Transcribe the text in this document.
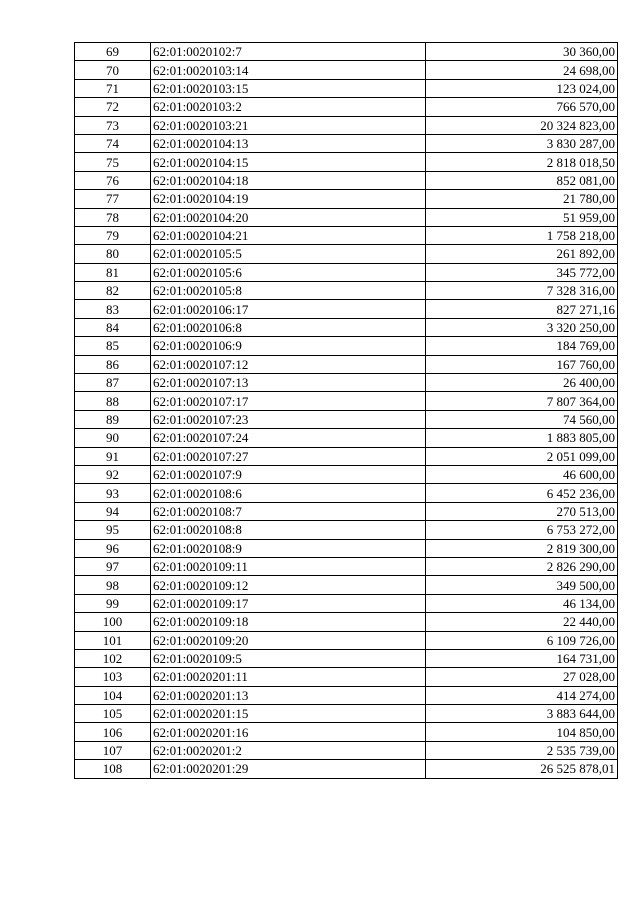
69	62:01:0020102:7	30 360,00
70	62:01:0020103:14	24 698,00
71	62:01:0020103:15	123 024,00
72	62:01:0020103:2	766 570,00
73	62:01:0020103:21	20 324 823,00
74	62:01:0020104:13	3 830 287,00
75	62:01:0020104:15	2 818 018,50
76	62:01:0020104:18	852 081,00
77	62:01:0020104:19	21 780,00
78	62:01:0020104:20	51 959,00
79	62:01:0020104:21	1 758 218,00
80	62:01:0020105:5	261 892,00
81	62:01:0020105:6	345 772,00
82	62:01:0020105:8	7 328 316,00
83	62:01:0020106:17	827 271,16
84	62:01:0020106:8	3 320 250,00
85	62:01:0020106:9	184 769,00
86	62:01:0020107:12	167 760,00
87	62:01:0020107:13	26 400,00
88	62:01:0020107:17	7 807 364,00
89	62:01:0020107:23	74 560,00
90	62:01:0020107:24	1 883 805,00
91	62:01:0020107:27	2 051 099,00
92	62:01:0020107:9	46 600,00
93	62:01:0020108:6	6 452 236,00
94	62:01:0020108:7	270 513,00
95	62:01:0020108:8	6 753 272,00
96	62:01:0020108:9	2 819 300,00
97	62:01:0020109:11	2 826 290,00
98	62:01:0020109:12	349 500,00
99	62:01:0020109:17	46 134,00
100	62:01:0020109:18	22 440,00
101	62:01:0020109:20	6 109 726,00
102	62:01:0020109:5	164 731,00
103	62:01:0020201:11	27 028,00
104	62:01:0020201:13	414 274,00
105	62:01:0020201:15	3 883 644,00
106	62:01:0020201:16	104 850,00
107	62:01:0020201:2	2 535 739,00
108	62:01:0020201:29	26 525 878,01
